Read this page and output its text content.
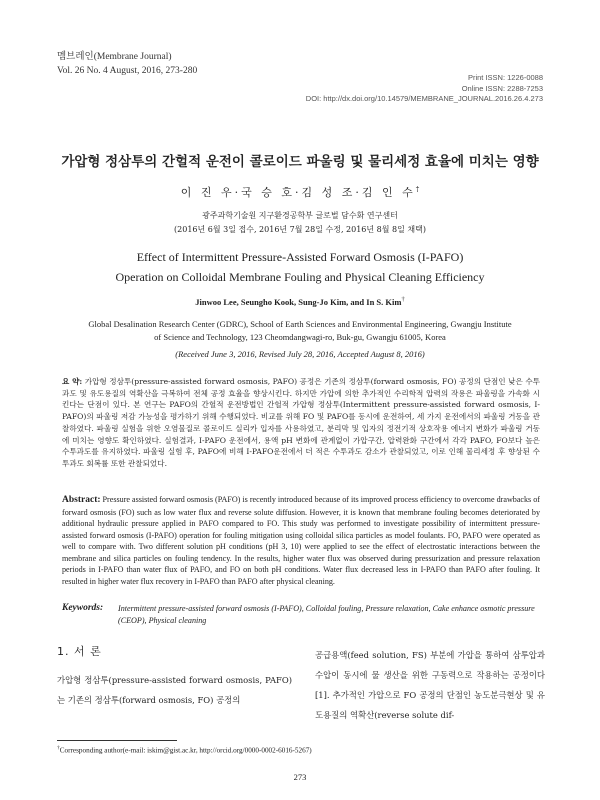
멤브레인(Membrane Journal)
Vol. 26 No. 4 August, 2016, 273-280
Print ISSN: 1226-0088
Online ISSN: 2288-7253
DOI: http://dx.doi.org/10.14579/MEMBRANE_JOURNAL.2016.26.4.273
가압형 정삼투의 간헐적 운전이 콜로이드 파울링 및 물리세정 효율에 미치는 영향
이 진 우·국 승 호·김 성 조·김 인 수†
광주과학기술원 지구환경공학부 글로벌 담수화 연구센터
(2016년 6월 3일 접수, 2016년 7월 28일 수정, 2016년 8월 8일 채택)
Effect of Intermittent Pressure-Assisted Forward Osmosis (I-PAFO)
Operation on Colloidal Membrane Fouling and Physical Cleaning Efficiency
Jinwoo Lee, Seungho Kook, Sung-Jo Kim, and In S. Kim†
Global Desalination Research Center (GDRC), School of Earth Sciences and Environmental Engineering, Gwangju Institute
of Science and Technology, 123 Cheomdangwagi-ro, Buk-gu, Gwangju 61005, Korea
(Received June 3, 2016, Revised July 28, 2016, Accepted August 8, 2016)
요 약: 가압형 정삼투(pressure-assisted forward osmosis, PAFO) 공정은 기존의 정삼투(forward osmosis, FO) 공정의 단점인 낮은 수투과도 및 유도용질의 역확산을 극복하여 전체 공정 효율을 향상시킨다. 하지만 가압에 의한 추가적인 수리학적 압력의 작용은 파울링을 가속화 시킨다는 단점이 있다. 본 연구는 PAFO의 간헐적 운전방법인 간헐적 가압형 정삼투(Intermittent pressure-assisted forward osmosis, I-PAFO)의 파울링 저감 가능성을 평가하기 위해 수행되었다. 비교를 위해 FO 및 PAFO를 동시에 운전하여, 세 가지 운전에서의 파울링 거동을 관찰하였다. 파울링 실험을 위한 오염물질로 콜로이드 실리카 입자를 사용하였고, 분리막 및 입자의 정전기적 상호작용 에너지 변화가 파울링 거동에 미치는 영향도 확인하였다. 실험결과, I-PAFO 운전에서, 용액 pH 변화에 관계없이 가압구간, 압력완화 구간에서 각각 PAFO, FO보다 높은 수투과도를 유지하였다. 파울링 실험 후, PAFO에 비해 I-PAFO운전에서 더 적은 수투과도 감소가 관찰되었고, 이로 인해 물리세정 후 향상된 수투과도 회복률 또한 관찰되었다.
Abstract: Pressure assisted forward osmosis (PAFO) is recently introduced because of its improved process efficiency to overcome drawbacks of forward osmosis (FO) such as low water flux and reverse solute diffusion. However, it is known that membrane fouling becomes deteriorated by additional hydraulic pressure applied in PAFO compared to FO. This study was performed to investigate possibility of intermittent pressure-assisted forward osmosis (I-PAFO) operation for fouling mitigation using colloidal silica particles as model foulants. FO, PAFO were operated as well to compare with. Two different solution pH conditions (pH 3, 10) were applied to see the effect of electrostatic interactions between the membrane and silica particles on fouling tendency. In the results, higher water flux was observed during pressurization and pressure relaxation periods in I-PAFO than water flux of PAFO, and FO on both pH conditions. Water flux decreased less in I-PAFO than PAFO after fouling. It resulted in higher water flux recovery in I-PAFO than PAFO after physical cleaning.
Keywords:	Intermittent pressure-assisted forward osmosis (I-PAFO), Colloidal fouling, Pressure relaxation, Cake enhance osmotic pressure (CEOP), Physical cleaning
1. 서 론
가압형 정삼투(pressure-assisted forward osmosis, PAFO)는 기존의 정삼투(forward osmosis, FO) 공정의
공급용액(feed solution, FS) 부분에 가압을 통하여 삼투압과 수압이 동시에 물 생산을 위한 구동력으로 작용하는 공정이다[1]. 추가적인 가압으로 FO 공정의 단점인 농도분극현상 및 유도용질의 역확산(reverse solute dif-
†Corresponding author(e-mail: iskim@gist.ac.kr, http://orcid.org/0000-0002-6016-5267)
273
